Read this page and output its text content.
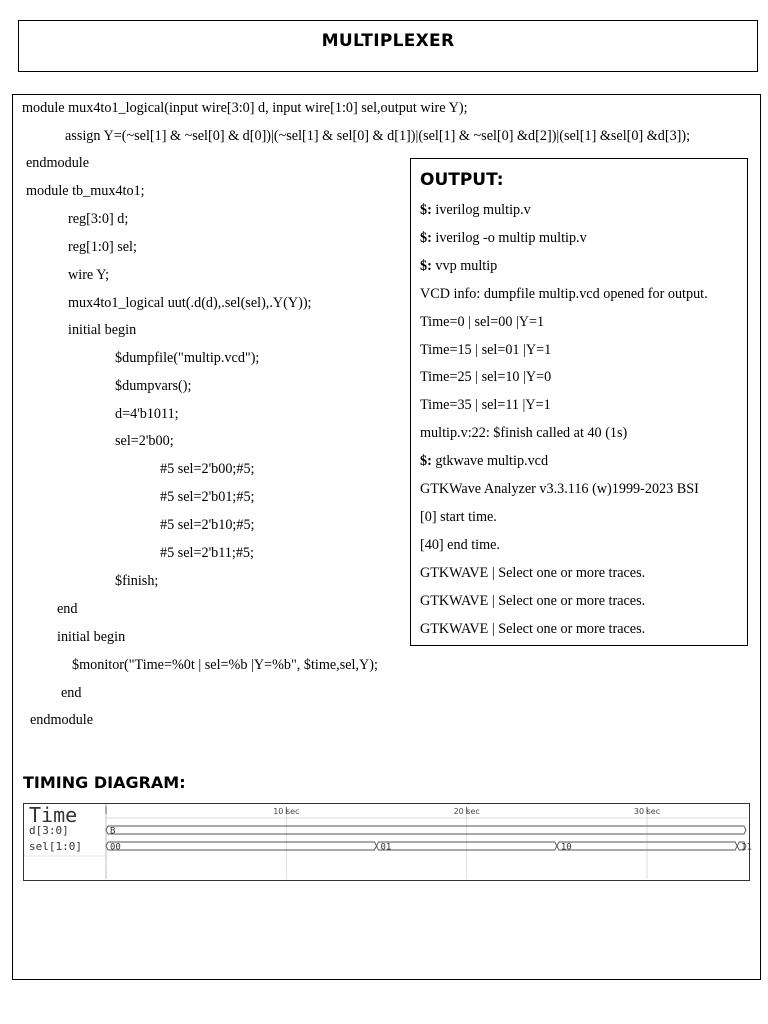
MULTIPLEXER
module mux4to1_logical(input wire[3:0] d, input wire[1:0] sel,output wire Y);
assign Y=(~sel[1] & ~sel[0] & d[0])|(~sel[1] & sel[0] & d[1])|(sel[1] & ~sel[0] &d[2])|(sel[1] &sel[0] &d[3]);
endmodule
module tb_mux4to1;
reg[3:0] d;
reg[1:0] sel;
wire Y;
mux4to1_logical uut(.d(d),.sel(sel),.Y(Y));
initial begin
$dumpfile("multip.vcd");
$dumpvars();
d=4'b1011;
sel=2'b00;
#5 sel=2'b00;#5;
#5 sel=2'b01;#5;
#5 sel=2'b10;#5;
#5 sel=2'b11;#5;
$finish;
end
initial begin
$monitor("Time=%0t | sel=%b |Y=%b", $time,sel,Y);
end
endmodule
OUTPUT:
$: iverilog multip.v
$: iverilog -o multip multip.v
$: vvp multip
VCD info: dumpfile multip.vcd opened for output.
Time=0 | sel=00 |Y=1
Time=15 | sel=01 |Y=1
Time=25 | sel=10 |Y=0
Time=35 | sel=11 |Y=1
multip.v:22: $finish called at 40 (1s)
$: gtkwave multip.vcd
GTKWave Analyzer v3.3.116 (w)1999-2023 BSI
[0] start time.
[40] end time.
GTKWAVE | Select one or more traces.
GTKWAVE | Select one or more traces.
GTKWAVE | Select one or more traces.
TIMING DIAGRAM:
Time	10 sec	20 sec	30 sec
d[3:0]	B
sel[1:0]	00	01	10	11
